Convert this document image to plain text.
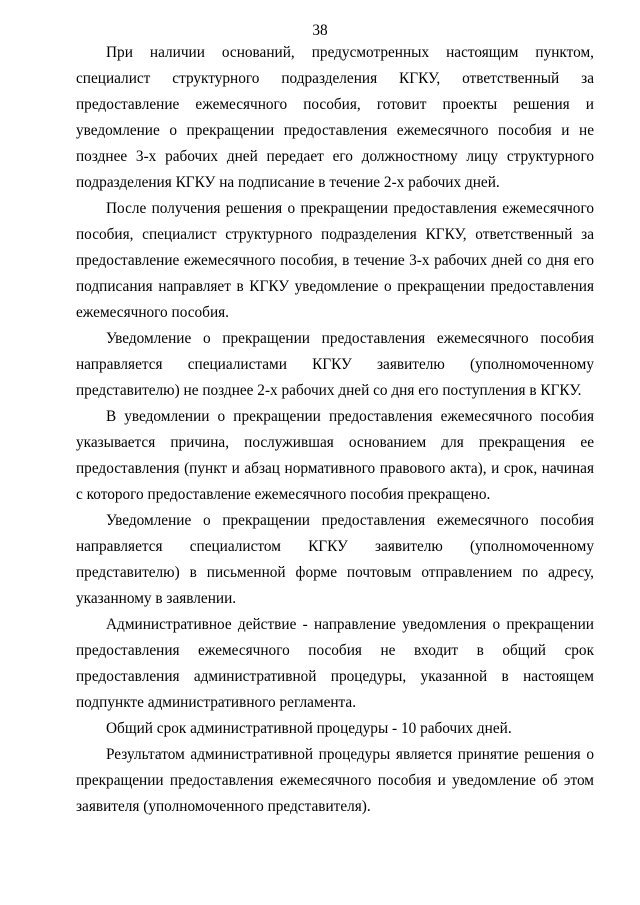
38

При наличии оснований, предусмотренных настоящим пунктом, специалист структурного подразделения КГКУ, ответственный за предоставление ежемесячного пособия, готовит проекты решения и уведомление о прекращении предоставления ежемесячного пособия и не позднее 3-х рабочих дней передает его должностному лицу структурного подразделения КГКУ на подписание в течение 2-х рабочих дней.

После получения решения о прекращении предоставления ежемесячного пособия, специалист структурного подразделения КГКУ, ответственный за предоставление ежемесячного пособия, в течение 3-х рабочих дней со дня его подписания направляет в КГКУ уведомление о прекращении предоставления ежемесячного пособия.

Уведомление о прекращении предоставления ежемесячного пособия направляется специалистами КГКУ заявителю (уполномоченному представителю) не позднее 2-х рабочих дней со дня его поступления в КГКУ.

В уведомлении о прекращении предоставления ежемесячного пособия указывается причина, послужившая основанием для прекращения ее предоставления (пункт и абзац нормативного правового акта), и срок, начиная с которого предоставление ежемесячного пособия прекращено.

Уведомление о прекращении предоставления ежемесячного пособия направляется специалистом КГКУ заявителю (уполномоченному представителю) в письменной форме почтовым отправлением по адресу, указанному в заявлении.

Административное действие - направление уведомления о прекращении предоставления ежемесячного пособия не входит в общий срок предоставления административной процедуры, указанной в настоящем подпункте административного регламента.

Общий срок административной процедуры - 10 рабочих дней.

Результатом административной процедуры является принятие решения о прекращении предоставления ежемесячного пособия и уведомление об этом заявителя (уполномоченного представителя).
